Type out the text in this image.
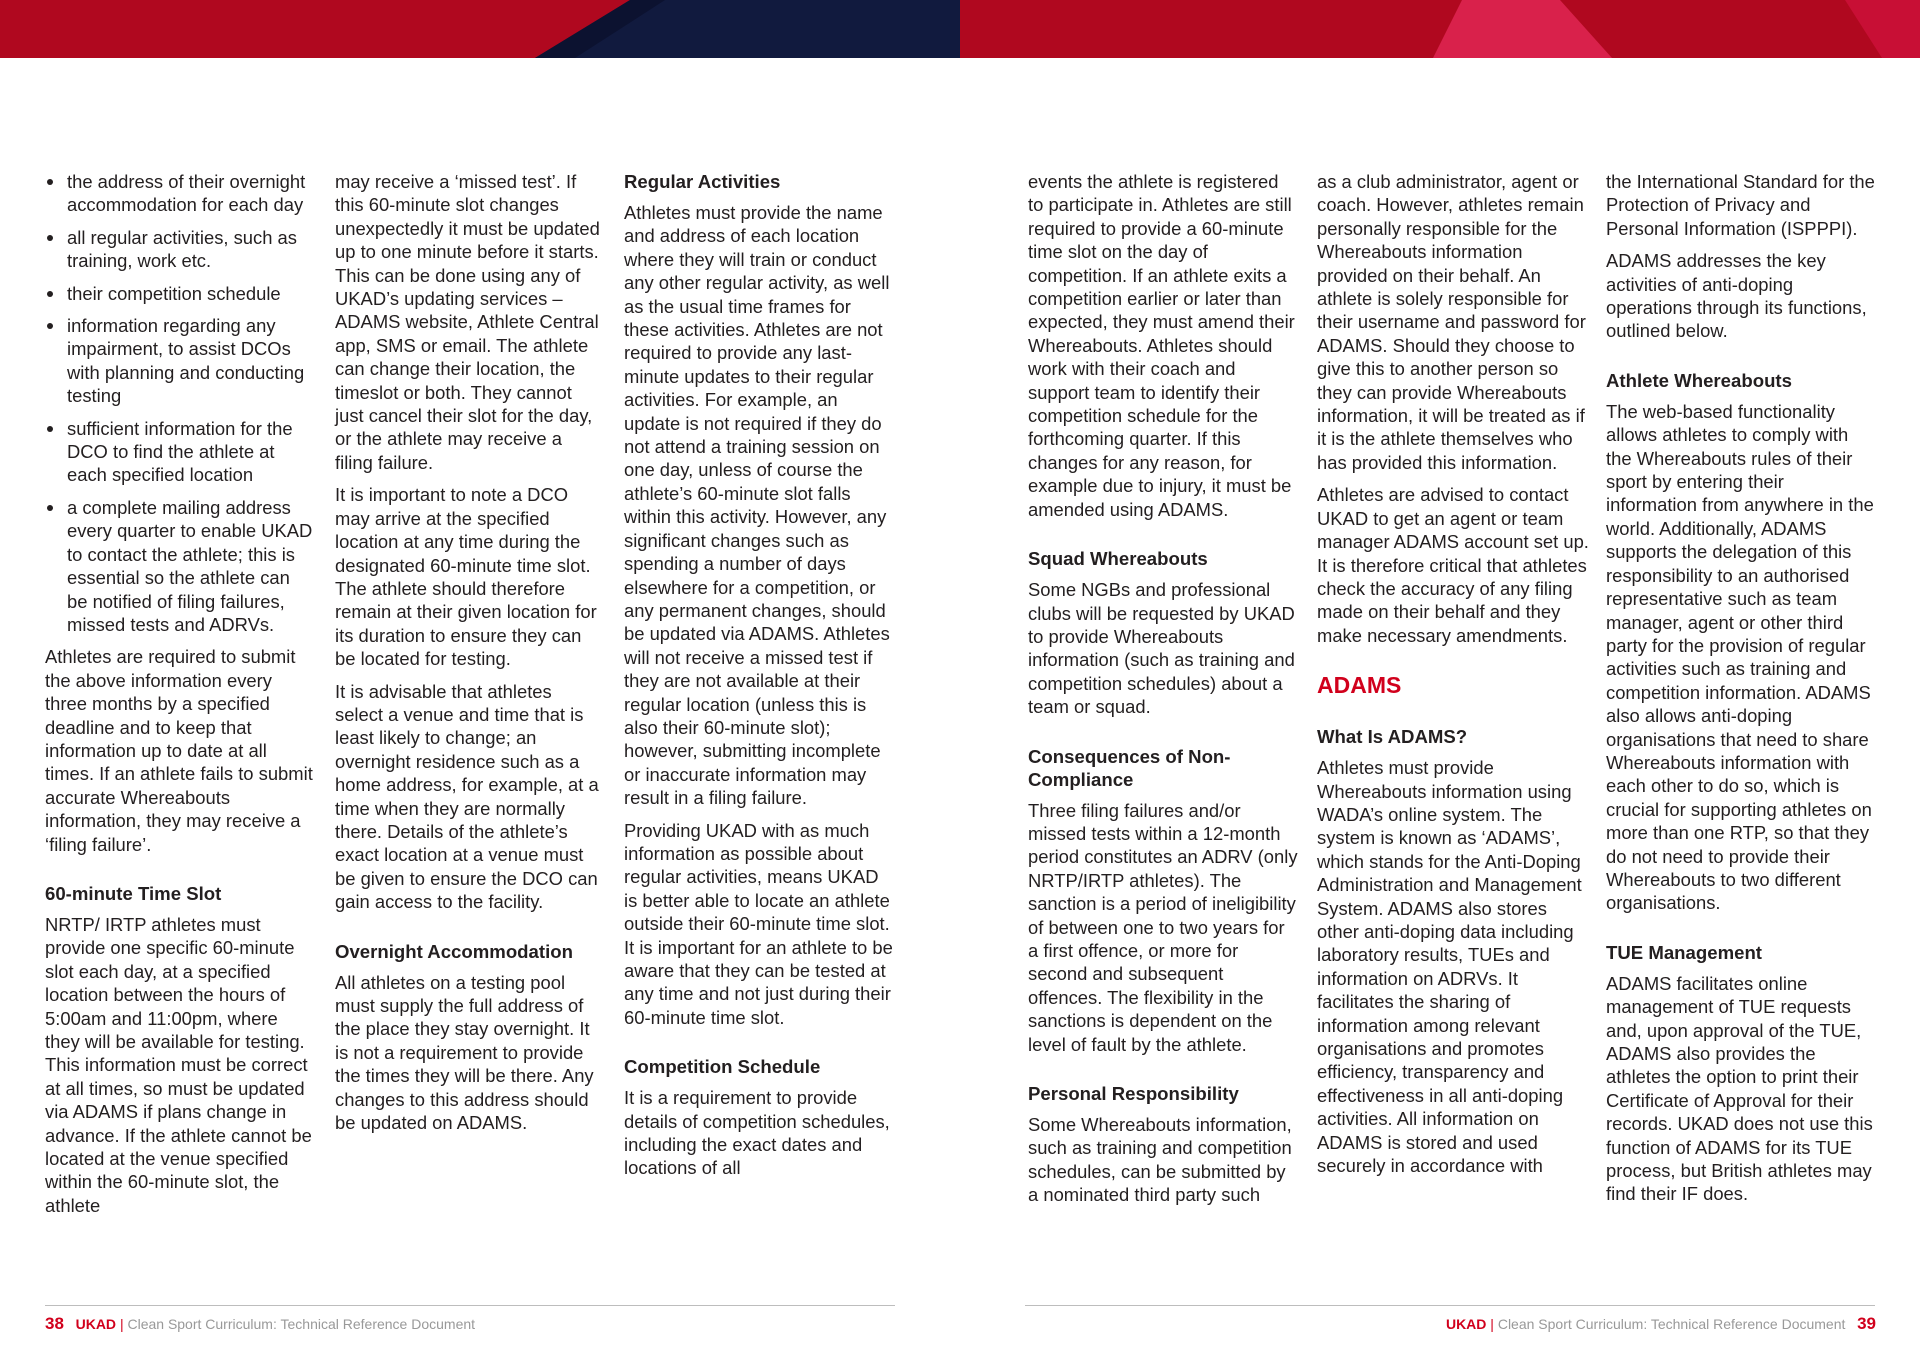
the address of their overnight accommodation for each day
all regular activities, such as training, work etc.
their competition schedule
information regarding any impairment, to assist DCOs with planning and conducting testing
sufficient information for the DCO to find the athlete at each specified location
a complete mailing address every quarter to enable UKAD to contact the athlete; this is essential so the athlete can be notified of filing failures, missed tests and ADRVs.

Athletes are required to submit the above information every three months by a specified deadline and to keep that information up to date at all times. If an athlete fails to submit accurate Whereabouts information, they may receive a ‘filing failure’.

60-minute Time Slot

NRTP/ IRTP athletes must provide one specific 60-minute slot each day, at a specified location between the hours of 5:00am and 11:00pm, where they will be available for testing. This information must be correct at all times, so must be updated via ADAMS if plans change in advance. If the athlete cannot be located at the venue specified within the 60-minute slot, the athlete

may receive a ‘missed test’. If this 60-minute slot changes unexpectedly it must be updated up to one minute before it starts. This can be done using any of UKAD’s updating services – ADAMS website, Athlete Central app, SMS or email. The athlete can change their location, the timeslot or both. They cannot just cancel their slot for the day, or the athlete may receive a filing failure.

It is important to note a DCO may arrive at the specified location at any time during the designated 60-minute time slot. The athlete should therefore remain at their given location for its duration to ensure they can be located for testing.

It is advisable that athletes select a venue and time that is least likely to change; an overnight residence such as a home address, for example, at a time when they are normally there. Details of the athlete’s exact location at a venue must be given to ensure the DCO can gain access to the facility.

Overnight Accommodation

All athletes on a testing pool must supply the full address of the place they stay overnight. It is not a requirement to provide the times they will be there. Any changes to this address should be updated on ADAMS.

Regular Activities

Athletes must provide the name and address of each location where they will train or conduct any other regular activity, as well as the usual time frames for these activities. Athletes are not required to provide any last-minute updates to their regular activities. For example, an update is not required if they do not attend a training session on one day, unless of course the athlete’s 60-minute slot falls within this activity. However, any significant changes such as spending a number of days elsewhere for a competition, or any permanent changes, should be updated via ADAMS. Athletes will not receive a missed test if they are not available at their regular location (unless this is also their 60-minute slot); however, submitting incomplete or inaccurate information may result in a filing failure.

Providing UKAD with as much information as possible about regular activities, means UKAD is better able to locate an athlete outside their 60-minute time slot. It is important for an athlete to be aware that they can be tested at any time and not just during their 60-minute time slot.

Competition Schedule

It is a requirement to provide details of competition schedules, including the exact dates and locations of all

events the athlete is registered to participate in. Athletes are still required to provide a 60-minute time slot on the day of competition. If an athlete exits a competition earlier or later than expected, they must amend their Whereabouts. Athletes should work with their coach and support team to identify their competition schedule for the forthcoming quarter. If this changes for any reason, for example due to injury, it must be amended using ADAMS.

Squad Whereabouts

Some NGBs and professional clubs will be requested by UKAD to provide Whereabouts information (such as training and competition schedules) about a team or squad.

Consequences of Non-Compliance

Three filing failures and/or missed tests within a 12-month period constitutes an ADRV (only NRTP/IRTP athletes). The sanction is a period of ineligibility of between one to two years for a first offence, or more for second and subsequent offences. The flexibility in the sanctions is dependent on the level of fault by the athlete.

Personal Responsibility

Some Whereabouts information, such as training and competition schedules, can be submitted by a nominated third party such

as a club administrator, agent or coach. However, athletes remain personally responsible for the Whereabouts information provided on their behalf. An athlete is solely responsible for their username and password for ADAMS. Should they choose to give this to another person so they can provide Whereabouts information, it will be treated as if it is the athlete themselves who has provided this information.

Athletes are advised to contact UKAD to get an agent or team manager ADAMS account set up. It is therefore critical that athletes check the accuracy of any filing made on their behalf and they make necessary amendments.

ADAMS
What Is ADAMS?

Athletes must provide Whereabouts information using WADA’s online system. The system is known as ‘ADAMS’, which stands for the Anti-Doping Administration and Management System. ADAMS also stores other anti-doping data including laboratory results, TUEs and information on ADRVs. It facilitates the sharing of information among relevant organisations and promotes efficiency, transparency and effectiveness in all anti-doping activities. All information on ADAMS is stored and used securely in accordance with

the International Standard for the Protection of Privacy and Personal Information (ISPPPI).

ADAMS addresses the key activities of anti-doping operations through its functions, outlined below.

Athlete Whereabouts

The web-based functionality allows athletes to comply with the Whereabouts rules of their sport by entering their information from anywhere in the world. Additionally, ADAMS supports the delegation of this responsibility to an authorised representative such as team manager, agent or other third party for the provision of regular activities such as training and competition information. ADAMS also allows anti-doping organisations that need to share Whereabouts information with each other to do so, which is crucial for supporting athletes on more than one RTP, so that they do not need to provide their Whereabouts to two different organisations.

TUE Management

ADAMS facilitates online management of TUE requests and, upon approval of the TUE, ADAMS also provides the athletes the option to print their Certificate of Approval for their records. UKAD does not use this function of ADAMS for its TUE process, but British athletes may find their IF does.

38 UKAD | Clean Sport Curriculum: Technical Reference Document	UKAD | Clean Sport Curriculum: Technical Reference Document 39
